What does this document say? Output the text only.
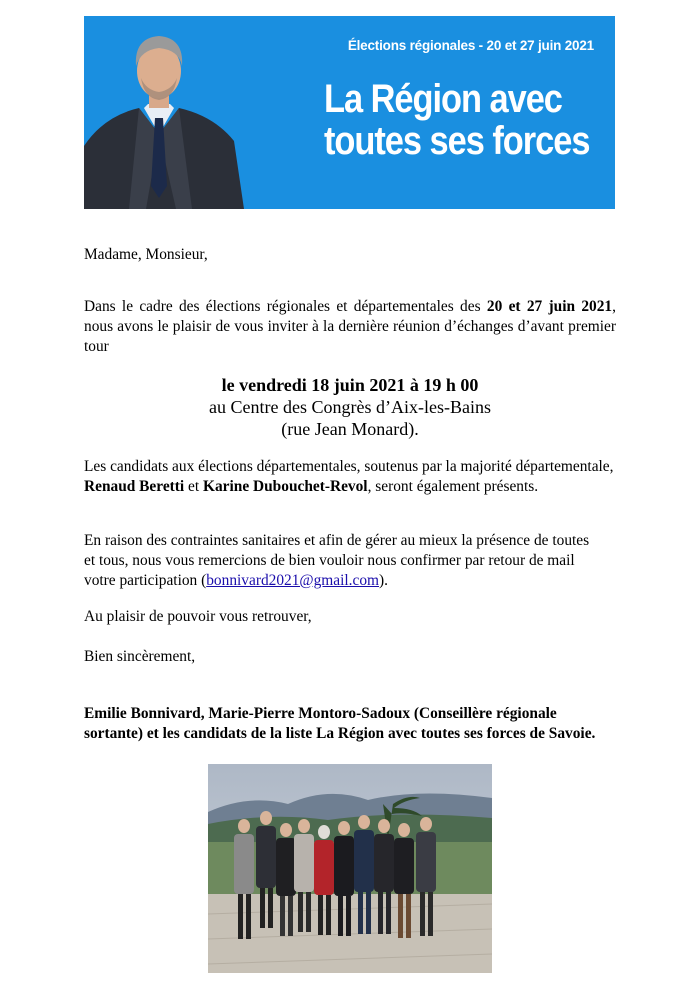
Élections régionales - 20 et 27 juin 2021
La Région avec
toutes ses forces
Madame, Monsieur,
Dans le cadre des élections régionales et départementales des 20 et 27 juin 2021, nous avons le plaisir de vous inviter à la dernière réunion d’échanges d’avant premier tour
le vendredi 18 juin 2021 à 19 h 00
au Centre des Congrès d’Aix-les-Bains
(rue Jean Monard).
Les candidats aux élections départementales, soutenus par la majorité départementale, Renaud Beretti et Karine Dubouchet-Revol, seront également présents.
En raison des contraintes sanitaires et afin de gérer au mieux la présence de toutes et tous, nous vous remercions de bien vouloir nous confirmer par retour de mail votre participation (bonnivard2021@gmail.com).
Au plaisir de pouvoir vous retrouver,
Bien sincèrement,
Emilie Bonnivard, Marie-Pierre Montoro-Sadoux (Conseillère régionale sortante) et les candidats de la liste La Région avec toutes ses forces de Savoie.
